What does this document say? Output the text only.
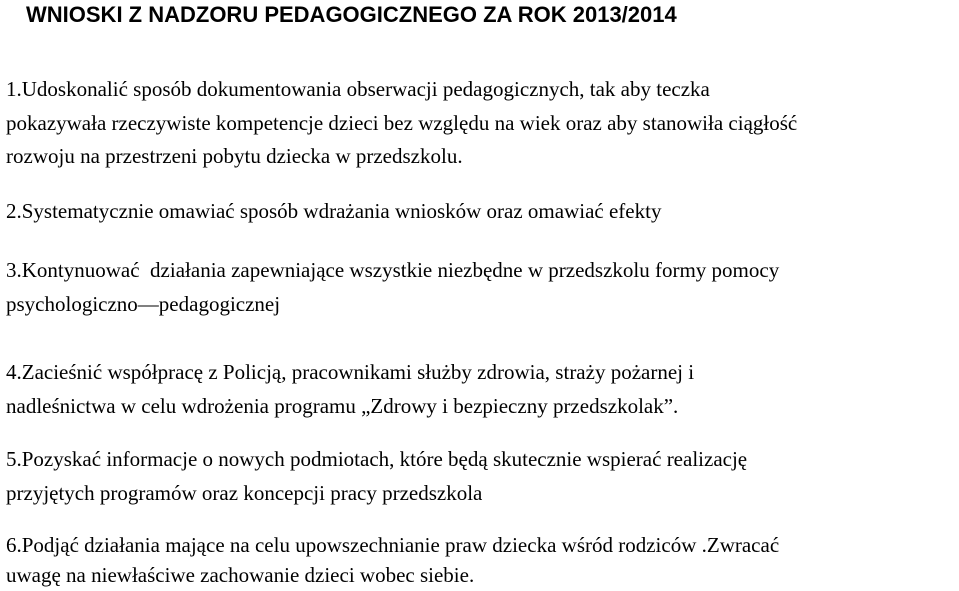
WNIOSKI Z NADZORU PEDAGOGICZNEGO ZA ROK 2013/2014

1.Udoskonalić sposób dokumentowania obserwacji pedagogicznych, tak aby teczka
pokazywała rzeczywiste kompetencje dzieci bez względu na wiek oraz aby stanowiła ciągłość
rozwoju na przestrzeni pobytu dziecka w przedszkolu.

2.Systematycznie omawiać sposób wdrażania wniosków oraz omawiać efekty

3.Kontynuować  działania zapewniające wszystkie niezbędne w przedszkolu formy pomocy
psychologiczno—pedagogicznej

4.Zacieśnić współpracę z Policją, pracownikami służby zdrowia, straży pożarnej i
nadleśnictwa w celu wdrożenia programu „Zdrowy i bezpieczny przedszkolak”.

5.Pozyskać informacje o nowych podmiotach, które będą skutecznie wspierać realizację
przyjętych programów oraz koncepcji pracy przedszkola

6.Podjąć działania mające na celu upowszechnianie praw dziecka wśród rodziców .Zwracać
uwagę na niewłaściwe zachowanie dzieci wobec siebie.
